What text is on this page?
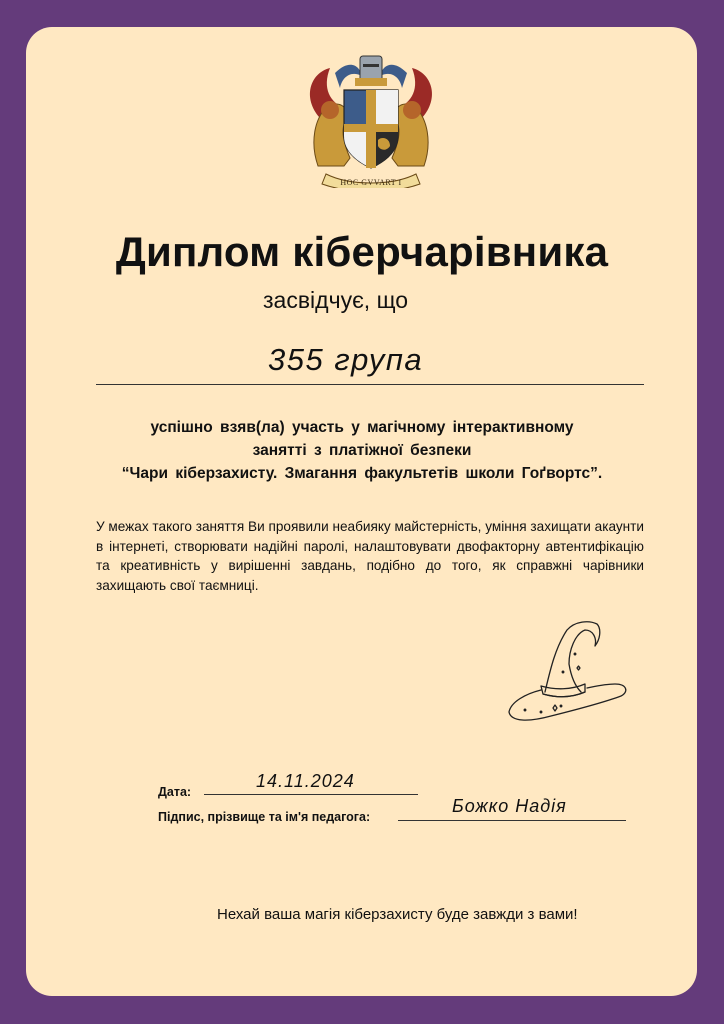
HOC GVVART I
Диплом кіберчарівника
засвідчує, що
355 група
успішно взяв(ла) участь у магічному інтерактивному
занятті з платіжної безпеки
“Чари кіберзахисту. Змагання факультетів школи Гоґвортс”.
У межах такого заняття Ви проявили неабияку майстерність, уміння захищати акаунти в інтернеті, створювати надійні паролі, налаштовувати двофакторну автентифікацію та креативність у вирішенні завдань, подібно до того, як справжні чарівники захищають свої таємниці.
Дата:
14.11.2024
Підпис, прізвище та ім'я педагога:
Божко Надія
Нехай ваша магія кіберзахисту буде завжди з вами!
